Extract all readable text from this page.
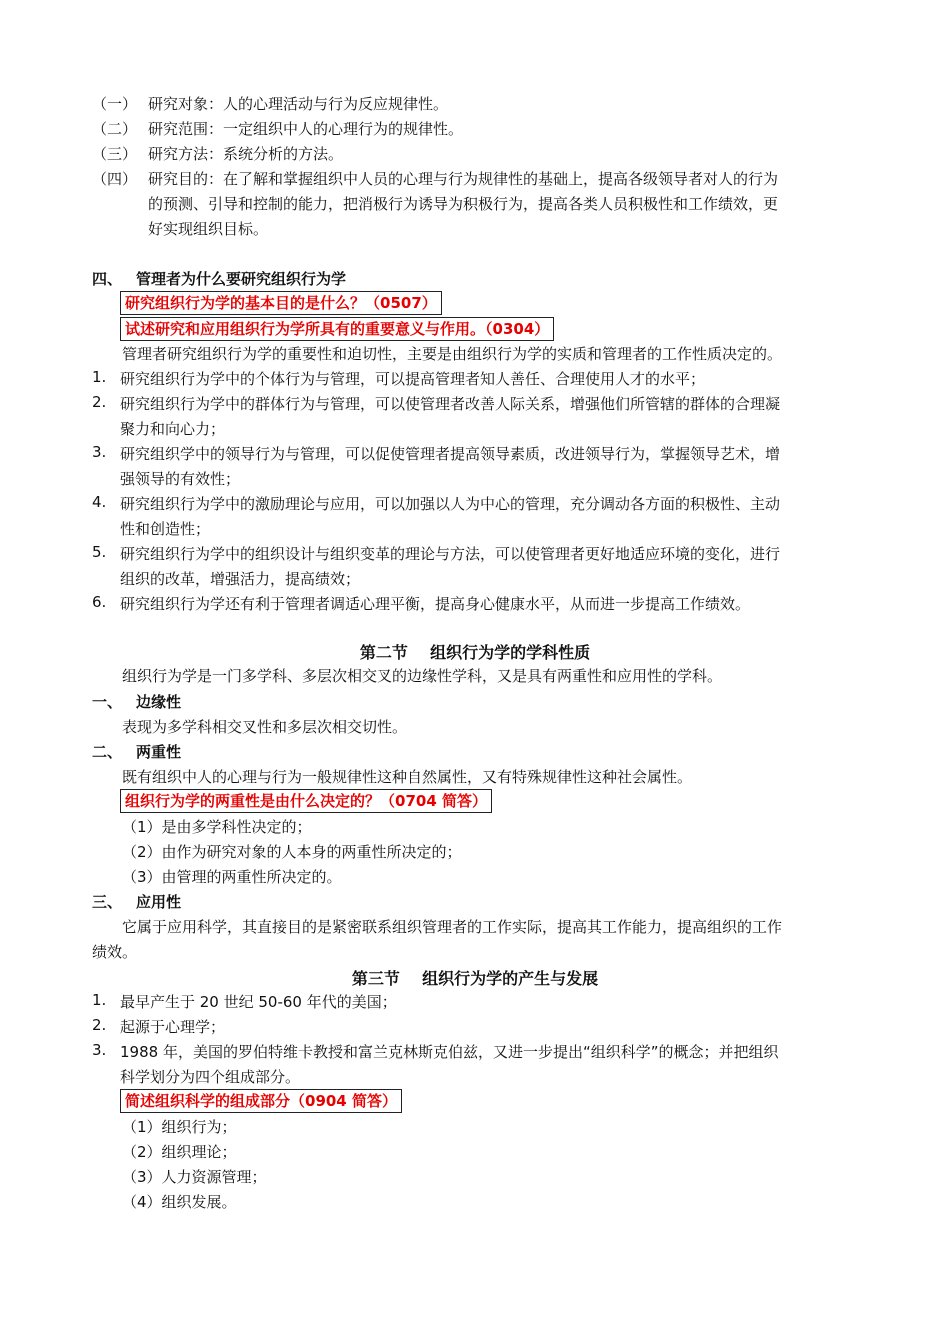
（一） 研究对象：人的心理活动与行为反应规律性。
（二） 研究范围：一定组织中人的心理行为的规律性。
（三） 研究方法：系统分析的方法。
（四） 研究目的：在了解和掌握组织中人员的心理与行为规律性的基础上，提高各级领导者对人的行为
的预测、引导和控制的能力，把消极行为诱导为积极行为，提高各类人员积极性和工作绩效，更
好实现组织目标。
四、 管理者为什么要研究组织行为学
研究组织行为学的基本目的是什么？（0507）
试述研究和应用组织行为学所具有的重要意义与作用。（0304）
管理者研究组织行为学的重要性和迫切性，主要是由组织行为学的实质和管理者的工作性质决定的。
1. 研究组织行为学中的个体行为与管理，可以提高管理者知人善任、合理使用人才的水平；
2. 研究组织行为学中的群体行为与管理，可以使管理者改善人际关系，增强他们所管辖的群体的合理凝
聚力和向心力；
3. 研究组织学中的领导行为与管理，可以促使管理者提高领导素质，改进领导行为，掌握领导艺术，增
强领导的有效性；
4. 研究组织行为学中的激励理论与应用，可以加强以人为中心的管理，充分调动各方面的积极性、主动
性和创造性；
5. 研究组织行为学中的组织设计与组织变革的理论与方法，可以使管理者更好地适应环境的变化，进行
组织的改革，增强活力，提高绩效；
6. 研究组织行为学还有利于管理者调适心理平衡，提高身心健康水平，从而进一步提高工作绩效。
第二节    组织行为学的学科性质
组织行为学是一门多学科、多层次相交叉的边缘性学科，又是具有两重性和应用性的学科。
一、 边缘性
表现为多学科相交叉性和多层次相交切性。
二、 两重性
既有组织中人的心理与行为一般规律性这种自然属性，又有特殊规律性这种社会属性。
组织行为学的两重性是由什么决定的？（0704 简答）
（1）是由多学科性决定的；
（2）由作为研究对象的人本身的两重性所决定的；
（3）由管理的两重性所决定的。
三、 应用性
它属于应用科学，其直接目的是紧密联系组织管理者的工作实际，提高其工作能力，提高组织的工作
绩效。
第三节    组织行为学的产生与发展
1. 最早产生于 20 世纪 50-60 年代的美国；
2. 起源于心理学；
3. 1988 年，美国的罗伯特维卡教授和富兰克林斯克伯兹，又进一步提出“组织科学”的概念；并把组织
科学划分为四个组成部分。
简述组织科学的组成部分（0904 简答）
（1）组织行为；
（2）组织理论；
（3）人力资源管理；
（4）组织发展。
